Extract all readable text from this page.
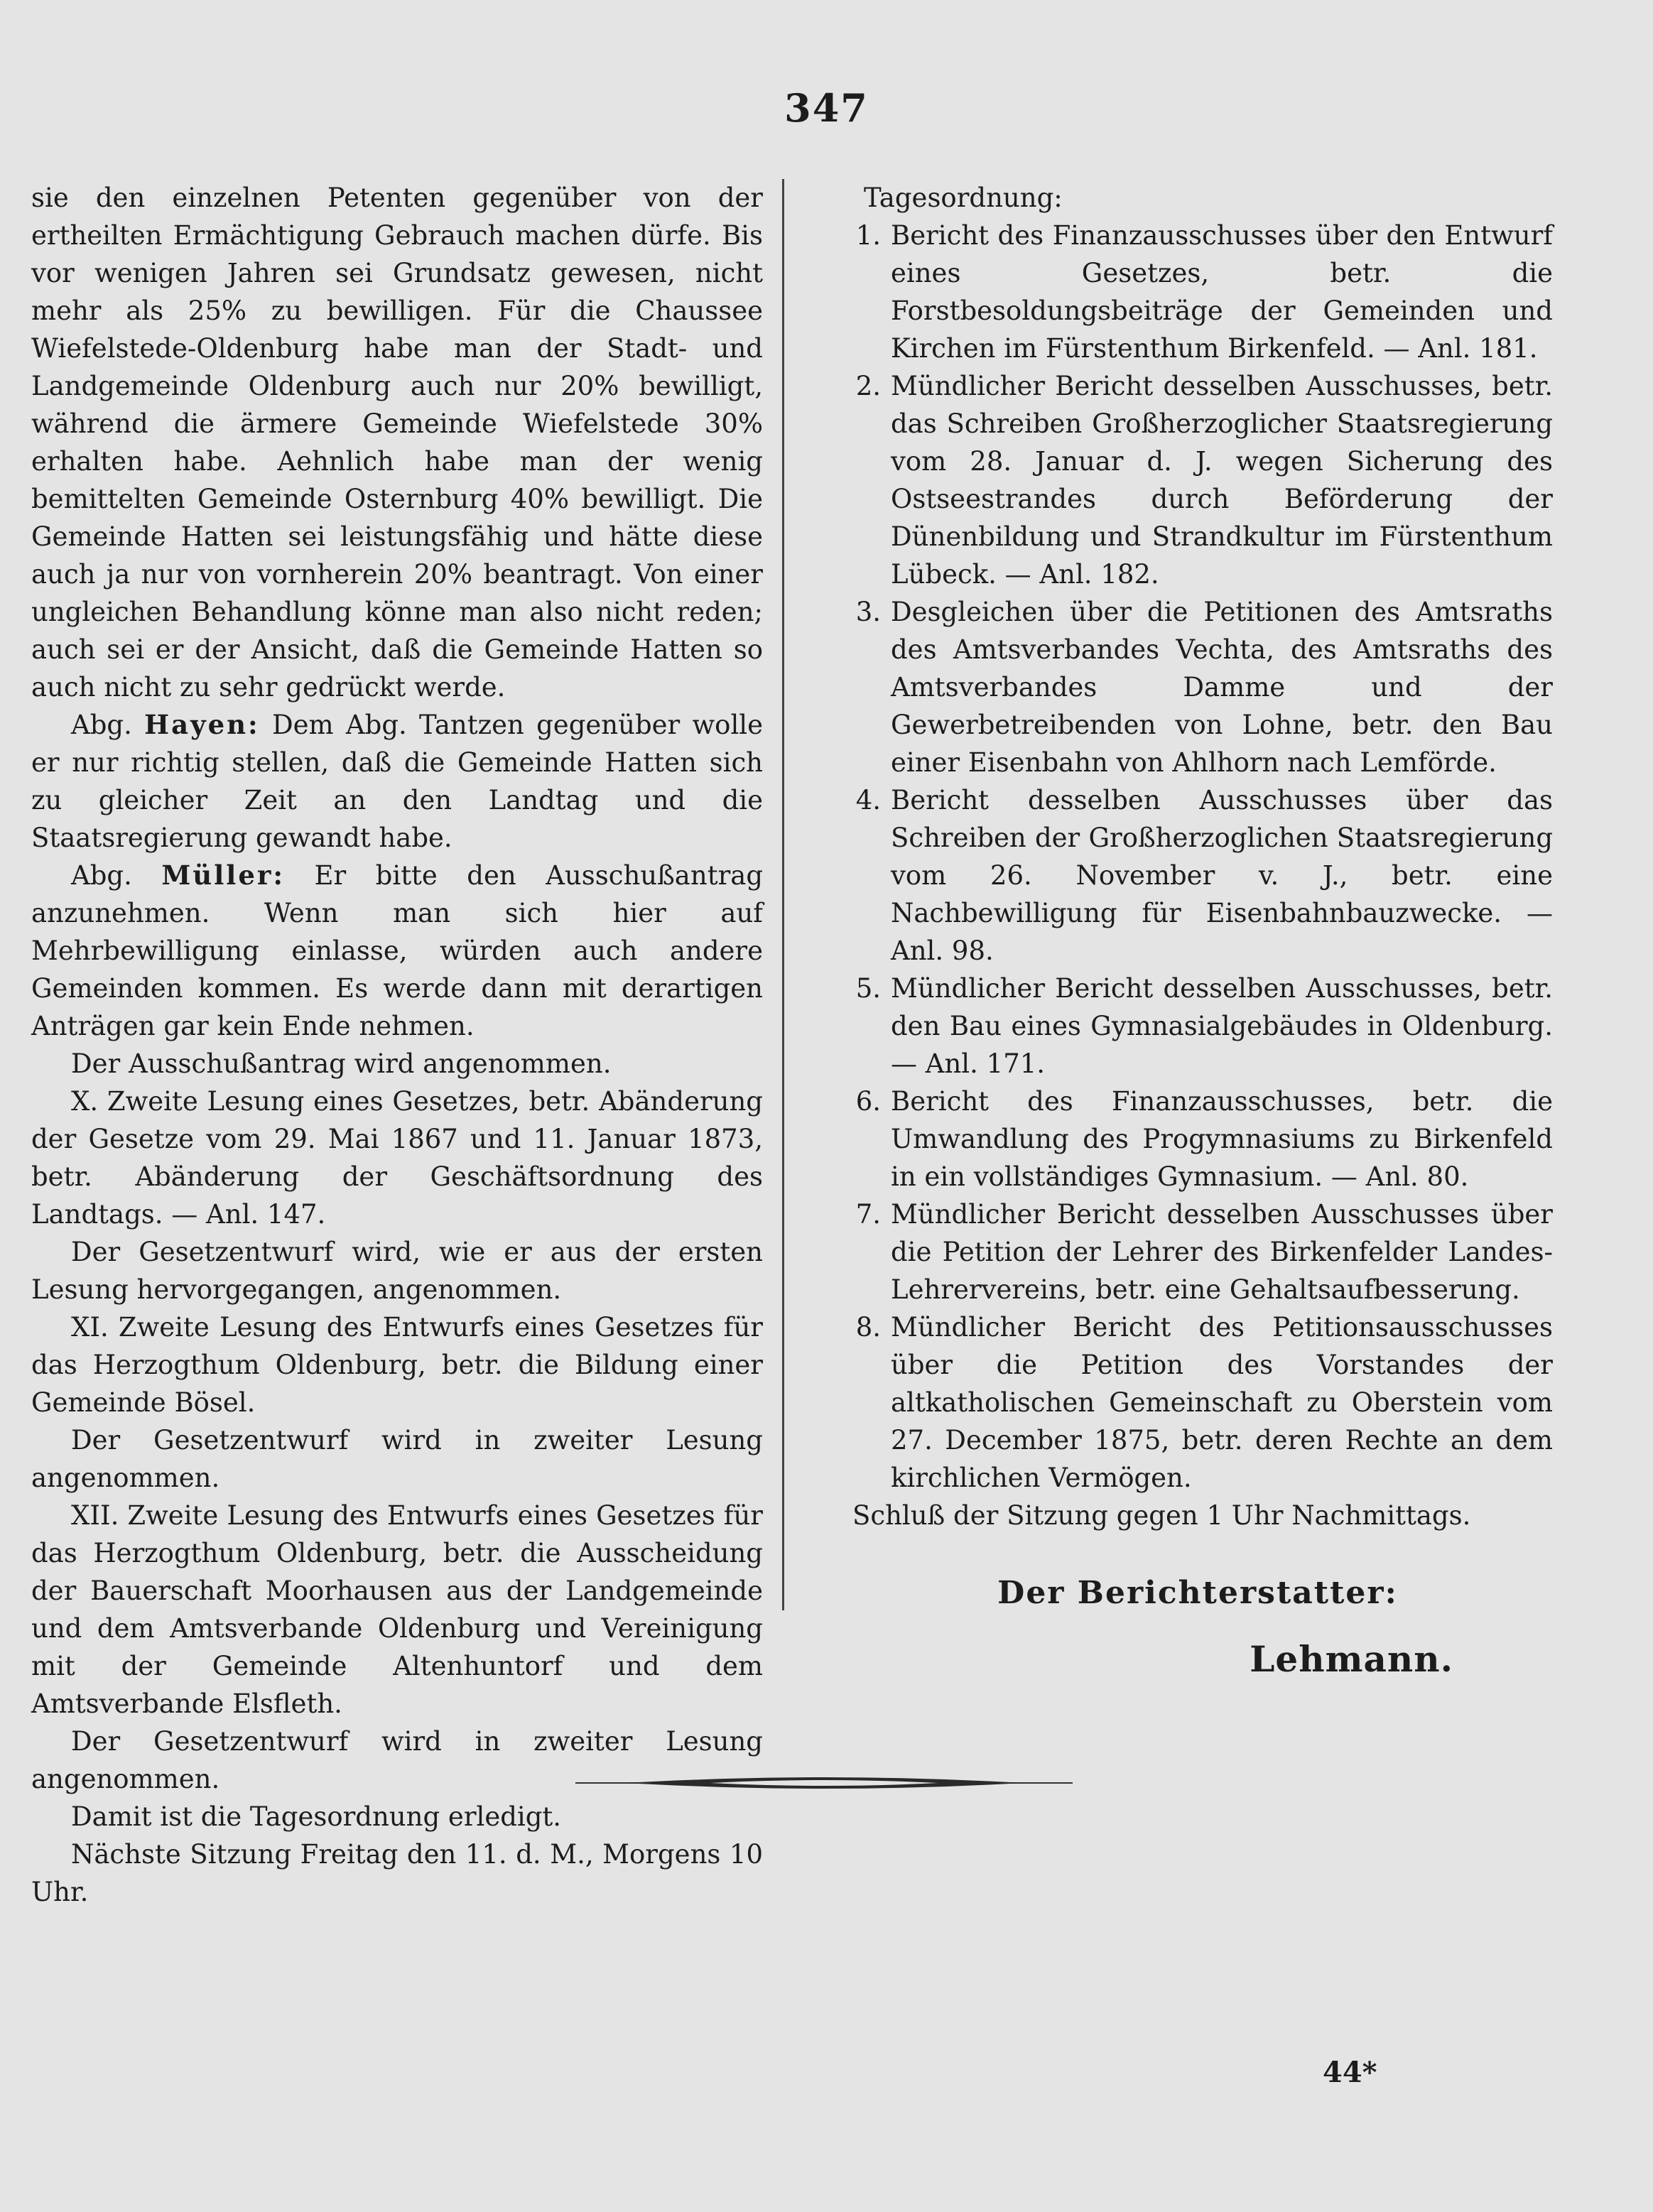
347

sie den einzelnen Petenten gegenüber von der ertheilten Ermächtigung Gebrauch machen dürfe. Bis vor wenigen Jahren sei Grundsatz gewesen, nicht mehr als 25% zu bewilligen. Für die Chaussee Wiefelstede-Oldenburg habe man der Stadt- und Landgemeinde Oldenburg auch nur 20% bewilligt, während die ärmere Gemeinde Wiefelstede 30% erhalten habe. Aehnlich habe man der wenig bemittelten Gemeinde Osternburg 40% bewilligt. Die Gemeinde Hatten sei leistungsfähig und hätte diese auch ja nur von vornherein 20% beantragt. Von einer ungleichen Behandlung könne man also nicht reden; auch sei er der Ansicht, daß die Gemeinde Hatten so auch nicht zu sehr gedrückt werde.

Abg. Hayen: Dem Abg. Tantzen gegenüber wolle er nur richtig stellen, daß die Gemeinde Hatten sich zu gleicher Zeit an den Landtag und die Staatsregierung gewandt habe.

Abg. Müller: Er bitte den Ausschußantrag anzunehmen. Wenn man sich hier auf Mehrbewilligung einlasse, würden auch andere Gemeinden kommen. Es werde dann mit derartigen Anträgen gar kein Ende nehmen.

Der Ausschußantrag wird angenommen.

X. Zweite Lesung eines Gesetzes, betr. Abänderung der Gesetze vom 29. Mai 1867 und 11. Januar 1873, betr. Abänderung der Geschäftsordnung des Landtags. — Anl. 147.

Der Gesetzentwurf wird, wie er aus der ersten Lesung hervorgegangen, angenommen.

XI. Zweite Lesung des Entwurfs eines Gesetzes für das Herzogthum Oldenburg, betr. die Bildung einer Gemeinde Bösel.

Der Gesetzentwurf wird in zweiter Lesung angenommen.

XII. Zweite Lesung des Entwurfs eines Gesetzes für das Herzogthum Oldenburg, betr. die Ausscheidung der Bauerschaft Moorhausen aus der Landgemeinde und dem Amtsverbande Oldenburg und Vereinigung mit der Gemeinde Altenhuntorf und dem Amtsverbande Elsfleth.

Der Gesetzentwurf wird in zweiter Lesung angenommen.

Damit ist die Tagesordnung erledigt.

Nächste Sitzung Freitag den 11. d. M., Morgens 10 Uhr.

Tagesordnung:

1. Bericht des Finanzausschusses über den Entwurf eines Gesetzes, betr. die Forstbesoldungsbeiträge der Gemeinden und Kirchen im Fürstenthum Birkenfeld. — Anl. 181.
2. Mündlicher Bericht desselben Ausschusses, betr. das Schreiben Großherzoglicher Staatsregierung vom 28. Januar d. J. wegen Sicherung des Ostseestrandes durch Beförderung der Dünenbildung und Strandkultur im Fürstenthum Lübeck. — Anl. 182.
3. Desgleichen über die Petitionen des Amtsraths des Amtsverbandes Vechta, des Amtsraths des Amtsverbandes Damme und der Gewerbetreibenden von Lohne, betr. den Bau einer Eisenbahn von Ahlhorn nach Lemförde.
4. Bericht desselben Ausschusses über das Schreiben der Großherzoglichen Staatsregierung vom 26. November v. J., betr. eine Nachbewilligung für Eisenbahnbauzwecke. — Anl. 98.
5. Mündlicher Bericht desselben Ausschusses, betr. den Bau eines Gymnasialgebäudes in Oldenburg. — Anl. 171.
6. Bericht des Finanzausschusses, betr. die Umwandlung des Progymnasiums zu Birkenfeld in ein vollständiges Gymnasium. — Anl. 80.
7. Mündlicher Bericht desselben Ausschusses über die Petition der Lehrer des Birkenfelder Landes-Lehrervereins, betr. eine Gehaltsaufbesserung.
8. Mündlicher Bericht des Petitionsausschusses über die Petition des Vorstandes der altkatholischen Gemeinschaft zu Oberstein vom 27. December 1875, betr. deren Rechte an dem kirchlichen Vermögen.

Schluß der Sitzung gegen 1 Uhr Nachmittags.

Der Berichterstatter:
Lehmann.
44*
